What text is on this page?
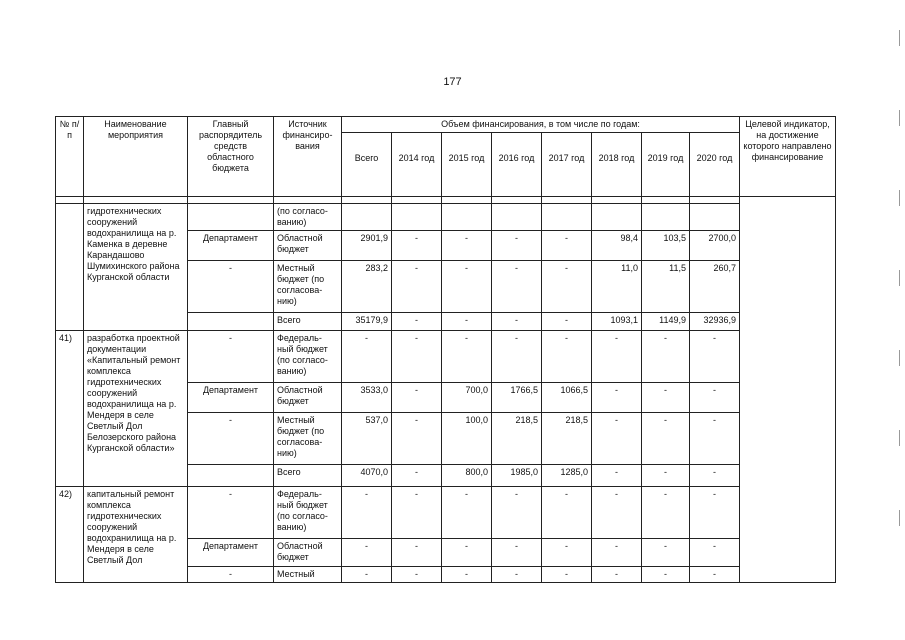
177
№ п/п	Наименование мероприятия	Главный распорядитель средств областного бюджета	Источник финансиро-вания	Объем финансирования, в том числе по годам:								Целевой индикатор, на достижение которого направлено финансирование
				Всего	2014 год	2015 год	2016 год	2017 год	2018 год	2019 год	2020 год	

	гидротехнических сооружений водохранилища на р. Каменка в деревне Карандашово Шумихинского района Курганской области		(по согласо-ванию)									
		Департамент	Областной бюджет	2901,9	-	-	-	-	98,4	103,5	2700,0	
		-	Местный бюджет (по согласова-нию)	283,2	-	-	-	-	11,0	11,5	260,7	
			Всего	35179,9	-	-	-	-	1093,1	1149,9	32936,9	
41)	разработка проектной документации «Капитальный ремонт комплекса гидротехнических сооружений водохранилища на р. Мендеря в селе Светлый Дол Белозерского района Курганской области»	-	Федераль-ный бюджет (по согласо-ванию)	-	-	-	-	-	-	-	-	
		Департамент	Областной бюджет	3533,0	-	700,0	1766,5	1066,5	-	-	-	
		-	Местный бюджет (по согласова-нию)	537,0	-	100,0	218,5	218,5	-	-	-	
			Всего	4070,0	-	800,0	1985,0	1285,0	-	-	-	
42)	капитальный ремонт комплекса гидротехнических сооружений водохранилища на р. Мендеря в селе Светлый Дол	-	Федераль-ный бюджет (по согласо-ванию)	-	-	-	-	-	-	-	-	
		Департамент	Областной бюджет	-	-	-	-	-	-	-	-	
		-	Местный	-	-	-	-	-	-	-	-	
